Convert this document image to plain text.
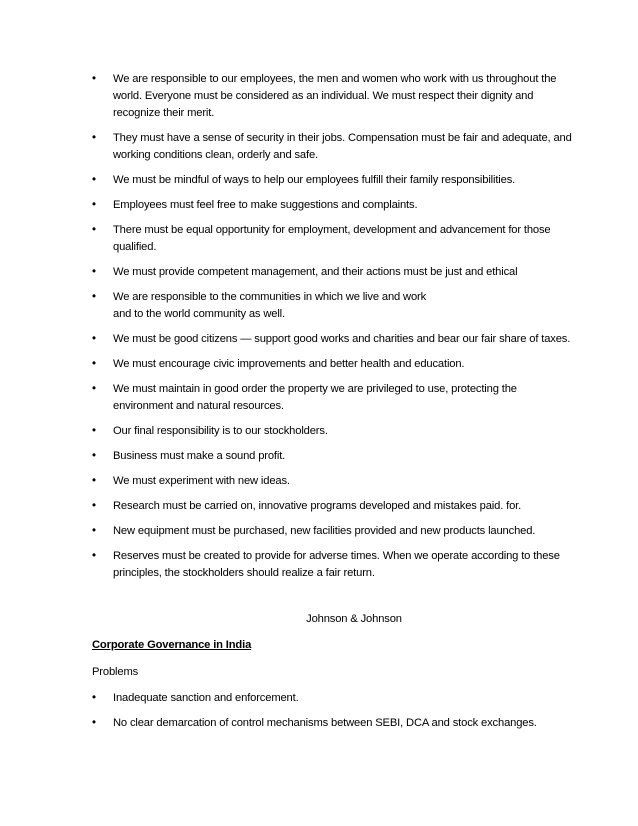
• We are responsible to our employees, the men and women who work with us throughout the
world. Everyone must be considered as an individual. We must respect their dignity and
recognize their merit.
• They must have a sense of security in their jobs. Compensation must be fair and adequate, and
working conditions clean, orderly and safe.
• We must be mindful of ways to help our employees fulfill their family responsibilities.
• Employees must feel free to make suggestions and complaints.
• There must be equal opportunity for employment, development and advancement for those
qualified.
• We must provide competent management, and their actions must be just and ethical
• We are responsible to the communities in which we live and work
and to the world community as well.
• We must be good citizens — support good works and charities and bear our fair share of taxes.
• We must encourage civic improvements and better health and education.
• We must maintain in good order the property we are privileged to use, protecting the
environment and natural resources.
• Our final responsibility is to our stockholders.
• Business must make a sound profit.
• We must experiment with new ideas.
• Research must be carried on, innovative programs developed and mistakes paid. for.
• New equipment must be purchased, new facilities provided and new products launched.
• Reserves must be created to provide for adverse times. When we operate according to these
principles, the stockholders should realize a fair return.
Johnson & Johnson
Corporate Governance in India
Problems
• Inadequate sanction and enforcement.
• No clear demarcation of control mechanisms between SEBI, DCA and stock exchanges.
